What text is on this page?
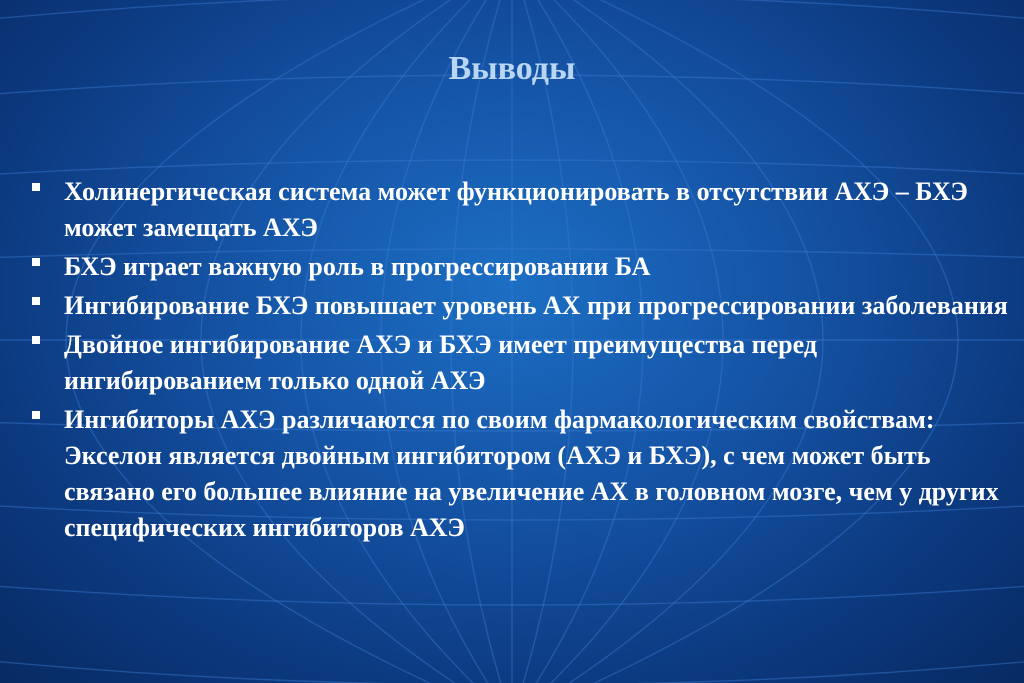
Выводы
Холинергическая система может функционировать в отсутствии АХЭ – БХЭ может замещать АХЭ
БХЭ играет важную роль в прогрессировании БА
Ингибирование БХЭ повышает уровень АХ при прогрессировании заболевания
Двойное ингибирование АХЭ и БХЭ имеет преимущества перед ингибированием только одной АХЭ
Ингибиторы АХЭ различаются по своим фармакологическим свойствам: Экселон является двойным ингибитором (АХЭ и БХЭ), с чем может быть связано его большее влияние на увеличение АХ в головном мозге, чем у других специфических ингибиторов АХЭ
